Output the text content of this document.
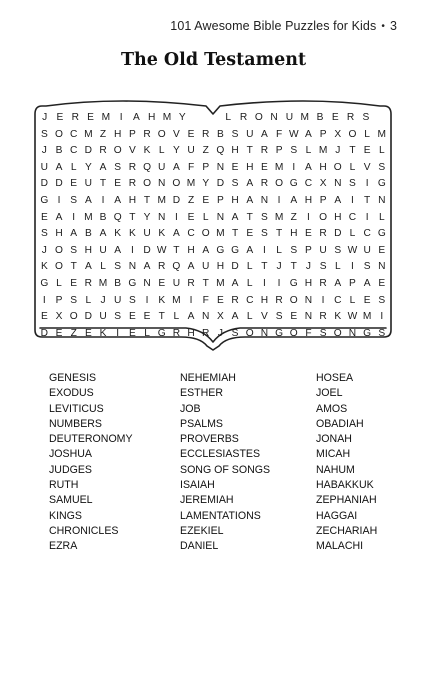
101 Awesome Bible Puzzles for Kids • 3
The Old Testament
J E R E M I	A H M Y	L R O N U M B E R S
S O C M Z H P R O V E R B S U A F W A P X O L M
J B C D R O V K L Y U Z Q H T R P S L M J T E L
U A L Y A S R Q U A F P N E H E M I A H O L V S
D D E U T E R O N O M Y D S A R O G C X N S I G
G I S A I A H T M D Z E P H A N I A H P A I T N
E A I M B Q T Y N I E L N A T S M Z I O H C I	L
S H A B A K K U K A C O M T E S T H E R D L C G
J O S H U A I D W T H A G G A I	L S P U S W U E
K O T A L S N A R Q A U H D L T J T J S L	I S N
G L E R M B G N E U R T M A L	I	I G H R A P A E
I P S L J U S I K M I F E R C H R O N I C L E S
E X O D U S E E T L A N X A L V S E N R K W M I
D E Z E K I E L G R H R J S O N G O F S O N G S
GENESIS
EXODUS
LEVITICUS
NUMBERS
DEUTERONOMY
JOSHUA
JUDGES
RUTH
SAMUEL
KINGS
CHRONICLES
EZRA
NEHEMIAH
ESTHER
JOB
PSALMS
PROVERBS
ECCLESIASTES
SONG OF SONGS
ISAIAH
JEREMIAH
LAMENTATIONS
EZEKIEL
DANIEL
HOSEA
JOEL
AMOS
OBADIAH
JONAH
MICAH
NAHUM
HABAKKUK
ZEPHANIAH
HAGGAI
ZECHARIAH
MALACHI
